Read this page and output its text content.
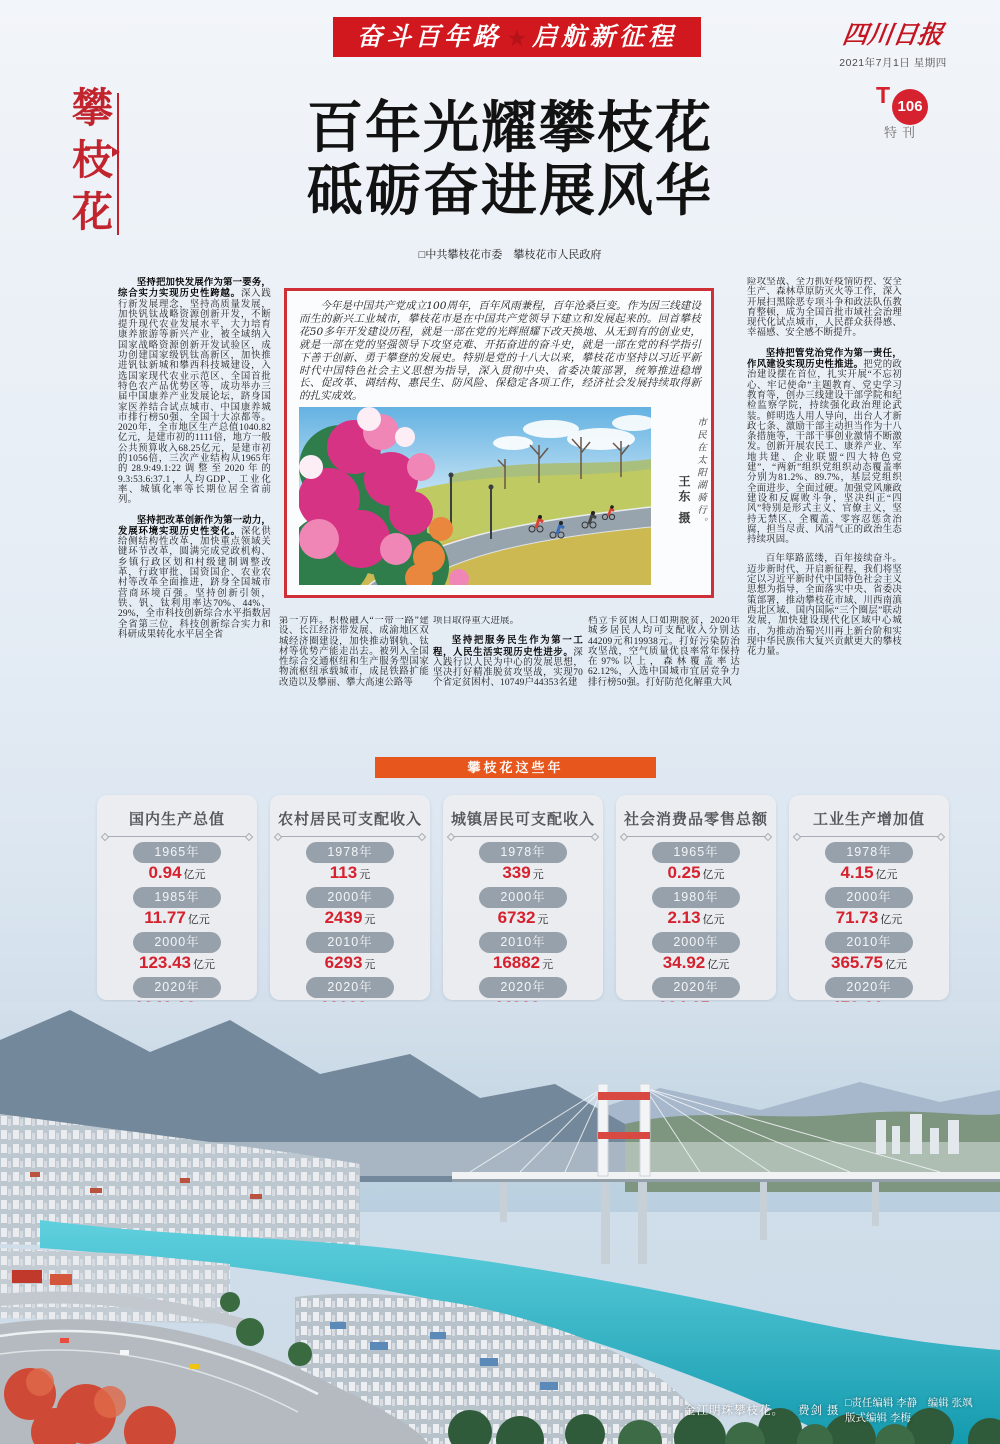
奋斗百年路 ★ 启航新征程	四川日报
2021年7月1日 星期四
T 106
特刊
攀枝花	百年光耀攀枝花
砥砺奋进展风华
□中共攀枝花市委　攀枝花市人民政府

坚持把加快发展作为第一要务，综合实力实现历史性跨越。深入践行新发展理念，坚持高质量发展，加快钒钛战略资源创新开发，不断提升现代农业发展水平，大力培育康养旅游等新兴产业，被全域纳入国家战略资源创新开发试验区，成功创建国家级钒钛高新区，加快推进钒钛新城和攀西科技城建设，入选国家现代农业示范区、全国首批特色农产品优势区等，成功举办三届中国康养产业发展论坛，跻身国家医养结合试点城市、中国康养城市排行榜50强、全国十大凉都等。2020年，全市地区生产总值1040.82亿元，是建市初的1111倍，地方一般公共预算收入68.25亿元，是建市初的1056倍，三次产业结构从1965年的28.9:49.1:22调整至2020年的9.3:53.6:37.1，人均GDP、工业化率、城镇化率等长期位居全省前列。

坚持把改革创新作为第一动力，发展环境实现历史性变化。深化供给侧结构性改革，加快重点领域关键环节改革，圆满完成党政机构、乡镇行政区划和村级建制调整改革，行政审批、国资国企、农业农村等改革全面推进，跻身全国城市营商环境百强。坚持创新引领，铁、钒、钛利用率达70%、44%、29%，全市科技创新综合水平指数居全省第三位，科技创新综合实力和科研成果转化水平居全省

第一方阵。积极融入“一带一路”建设、长江经济带发展、成渝地区双城经济圈建设，加快推动钢轨、钛材等优势产能走出去。被列入全国性综合交通枢纽和生产服务型国家物流枢纽承载城市，成昆铁路扩能改造以及攀丽、攀大高速公路等

项目取得重大进展。

坚持把服务民生作为第一工程，人民生活实现历史性进步。深入践行以人民为中心的发展思想，坚决打好精准脱贫攻坚战，实现70个省定贫困村、10749户44353名建

档立卡贫困人口如期脱贫，2020年城乡居民人均可支配收入分别达44209元和19938元。打好污染防治攻坚战，空气质量优良率常年保持在97%以上，森林覆盖率达62.12%，入选中国城市宜居竞争力排行榜50强。打好防范化解重大风

险攻坚战、全力抓好疫情防控、安全生产、森林草原防灭火等工作，深入开展扫黑除恶专项斗争和政法队伍教育整顿，成为全国首批市域社会治理现代化试点城市，人民群众获得感、幸福感、安全感不断提升。

坚持把管党治党作为第一责任，作风建设实现历史性推进。把党的政治建设摆在首位，扎实开展“不忘初心、牢记使命”主题教育、党史学习教育等，创办三线建设干部学院和纪检监察学院，持续强化政治理论武装。鲜明选人用人导向，出台人才新政七条、激励干部主动担当作为十八条措施等，干部干事创业激情不断激发。创新开展农民工、康养产业、军地共建、企业联盟“四大特色党建”，“两新”组织党组织动态覆盖率分别为81.2%、89.7%，基层党组织全面进步、全面过硬。加强党风廉政建设和反腐败斗争，坚决纠正“四风”特别是形式主义、官僚主义，坚持无禁区、全覆盖、零容忍惩贪治腐，担当尽责、风清气正的政治生态持续巩固。

百年筚路蓝缕，百年接续奋斗。迈步新时代、开启新征程，我们将坚定以习近平新时代中国特色社会主义思想为指导，全面落实中央、省委决策部署，推动攀枝花市域、川西南滇西北区域、国内国际“三个圈层”联动发展，加快建设现代化区域中心城市，为推动治蜀兴川再上新台阶和实现中华民族伟大复兴贡献更大的攀枝花力量。

今年是中国共产党成立100周年，百年风雨兼程，百年沧桑巨变。作为因三线建设而生的新兴工业城市，攀枝花市是在中国共产党领导下建立和发展起来的。回首攀枝花50多年开发建设历程，就是一部在党的光辉照耀下改天换地、从无到有的创业史，就是一部在党的坚强领导下攻坚克难、开拓奋进的奋斗史，就是一部在党的科学指引下善于创新、勇于攀登的发展史。特别是党的十八大以来，攀枝花市坚持以习近平新时代中国特色社会主义思想为指导，深入贯彻中央、省委决策部署，统筹推进稳增长、促改革、调结构、惠民生、防风险、保稳定各项工作，经济社会发展持续取得新的扎实成效。

市民在太阳湖骑行。
王东 摄
攀枝花这些年
国内生产总值
1965年
0.94 亿元
1985年
11.77 亿元
2000年
123.43 亿元
2020年
农村居民可支配收入
1978年
113 元
2000年
2439 元
2010年
6293 元
2020年
城镇居民可支配收入
1978年
339 元
2000年
6732 元
2010年
16882 元
2020年
社会消费品零售总额
1965年
0.25 亿元
1980年
2.13 亿元
2000年
34.92 亿元
2020年
工业生产增加值
1978年
4.15 亿元
2000年
71.73 亿元
2010年
365.75 亿元
2020年
金江明珠攀枝花。 费剑 摄
□责任编辑 李静　编辑 张飒
版式编辑 李梅
